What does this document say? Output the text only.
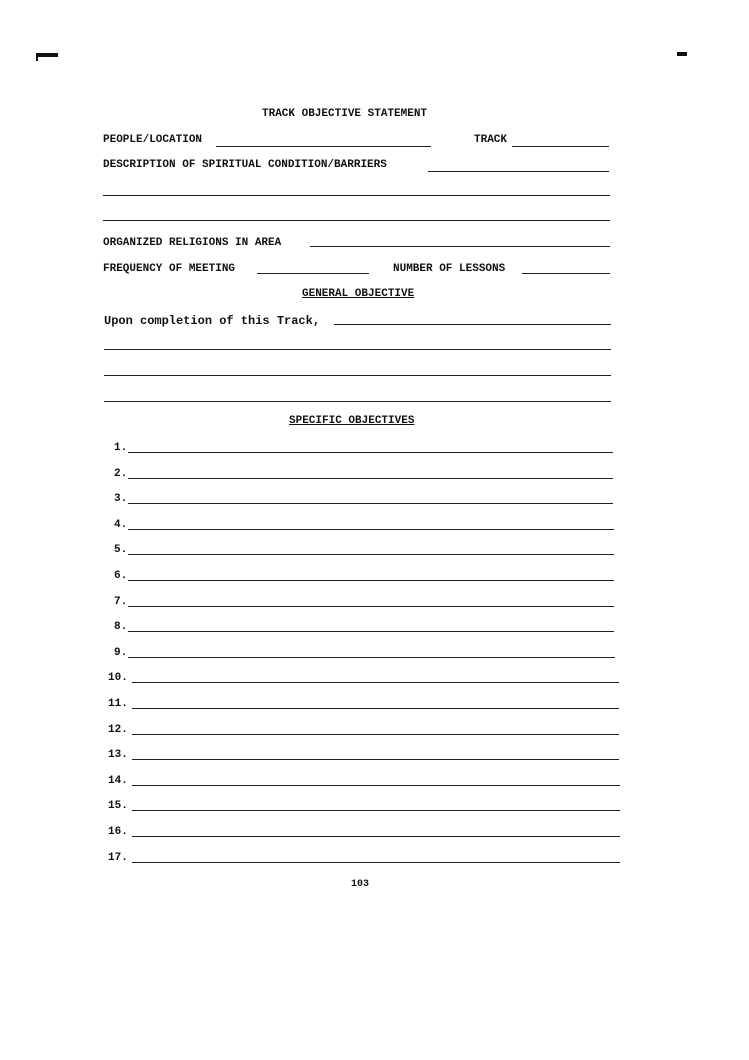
TRACK OBJECTIVE STATEMENT
PEOPLE/LOCATION	TRACK
DESCRIPTION OF SPIRITUAL CONDITION/BARRIERS
ORGANIZED RELIGIONS IN AREA
FREQUENCY OF MEETING	NUMBER OF LESSONS
GENERAL OBJECTIVE
Upon completion of this Track,
SPECIFIC OBJECTIVES
1.
2.
3.
4.
5.
6.
7.
8.
9.
10.
11.
12.
13.
14.
15.
16.
17.
103
